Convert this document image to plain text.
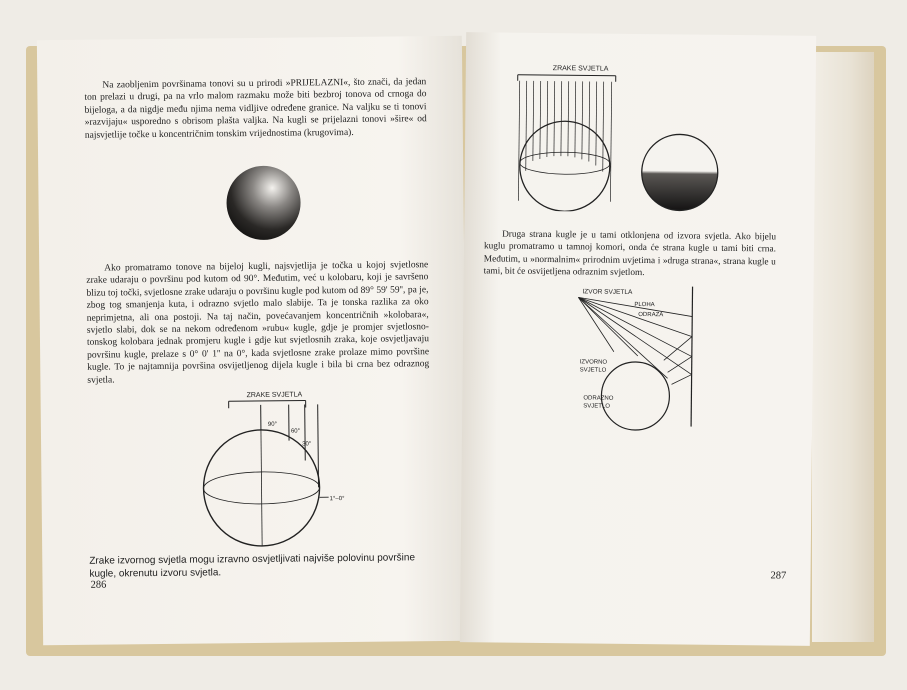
Na zaobljenim površinama tonovi su u prirodi »PRIJELAZNI«, što znači, da jedan ton prelazi u drugi, pa na vrlo malom razmaku može biti bezbroj tonova od crnoga do bijeloga, a da nigdje među njima nema vidljive određene granice. Na valjku se ti tonovi »razvijaju« usporedno s obrisom plašta valjka. Na kugli se prijelazni tonovi »šire« od najsvjetlije točke u koncentričnim tonskim vrijednostima (krugovima).

Ako promatramo tonove na bijeloj kugli, najsvjetlija je točka u kojoj svjetlosne zrake udaraju o površinu pod kutom od 90°. Međutim, već u kolobaru, koji je savršeno blizu toj točki, svjetlosne zrake udaraju o površinu kugle pod kutom od 89° 59' 59'', pa je, zbog tog smanjenja kuta, i odrazno svjetlo malo slabije. Ta je tonska razlika za oko neprimjetna, ali ona postoji. Na taj način, povećavanjem koncentričnih »kolobara«, svjetlo slabi, dok se na nekom određenom »rubu« kugle, gdje je promjer svjetlosno-tonskog kolobara jednak promjeru kugle i gdje kut svjetlosnih zraka, koje osvjetljavaju površinu kugle, prelaze s 0° 0' 1'' na 0°, kada svjetlosne zrake prolaze mimo površine kugle. To je najtamnija površina osvijetljenog dijela kugle i bila bi crna bez odraznog svjetla.

ZRAKE SVJETLA
90°
60°
30°
1°–0°
Zrake izvornog svjetla mogu izravno osvjetljivati najviše polovinu površine kugle, okrenutu izvoru svjetla.
286
ZRAKE SVJETLA

Druga strana kugle je u tami otklonjena od izvora svjetla. Ako bijelu kuglu promatramo u tamnoj komori, onda će strana kugle u tami biti crna. Međutim, u »normalnim« prirodnim uvjetima i »druga strana«, strana kugle u tami, bit će osvijetljena odraznim svjetlom.

IZVOR SVJETLA
PLOHA
ODRAZA
IZVORNO
SVJETLO
ODRAZNO
SVJETLO
287
